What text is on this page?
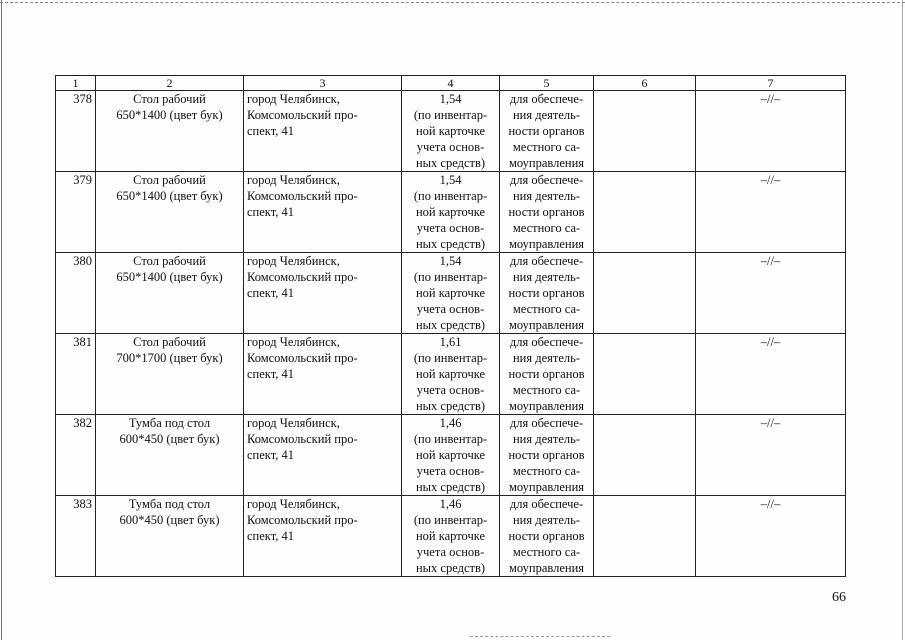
1	2	3	4	5	6	7
378	Стол рабочий
650*1400 (цвет бук)	город Челябинск,
Комсомольский про-
спект, 41	1,54
(по инвентар-
ной карточке
учета основ-
ных средств)	для обеспече-
ния деятель-
ности органов
местного са-
моуправления		–//–
379	Стол рабочий
650*1400 (цвет бук)	город Челябинск,
Комсомольский про-
спект, 41	1,54
(по инвентар-
ной карточке
учета основ-
ных средств)	для обеспече-
ния деятель-
ности органов
местного са-
моуправления		–//–
380	Стол рабочий
650*1400 (цвет бук)	город Челябинск,
Комсомольский про-
спект, 41	1,54
(по инвентар-
ной карточке
учета основ-
ных средств)	для обеспече-
ния деятель-
ности органов
местного са-
моуправления		–//–
381	Стол рабочий
700*1700 (цвет бук)	город Челябинск,
Комсомольский про-
спект, 41	1,61
(по инвентар-
ной карточке
учета основ-
ных средств)	для обеспече-
ния деятель-
ности органов
местного са-
моуправления		–//–
382	Тумба под стол
600*450 (цвет бук)	город Челябинск,
Комсомольский про-
спект, 41	1,46
(по инвентар-
ной карточке
учета основ-
ных средств)	для обеспече-
ния деятель-
ности органов
местного са-
моуправления		–//–
383	Тумба под стол
600*450 (цвет бук)	город Челябинск,
Комсомольский про-
спект, 41	1,46
(по инвентар-
ной карточке
учета основ-
ных средств)	для обеспече-
ния деятель-
ности органов
местного са-
моуправления		–//–
66
